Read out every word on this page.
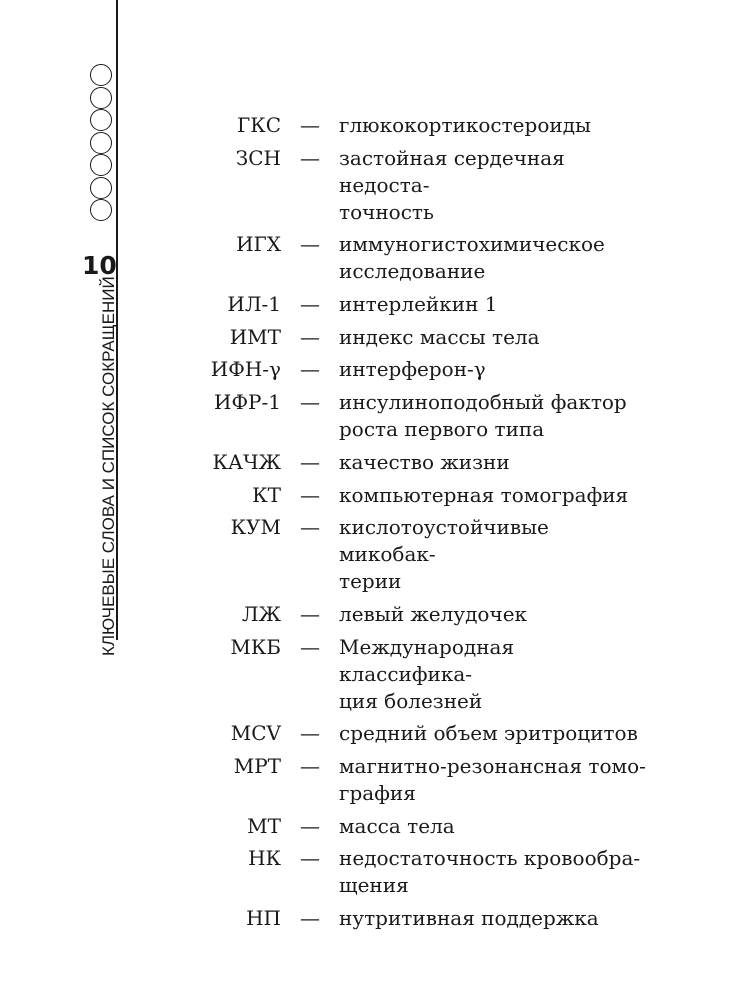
10
КЛЮЧЕВЫЕ СЛОВА И СПИСОК СОКРАЩЕНИЙ
ГКС — глюкокортикостероиды
ЗСН — застойная сердечная недоста-
точность
ИГХ — иммуногистохимическое
исследование
ИЛ-1 — интерлейкин 1
ИМТ — индекс массы тела
ИФН-γ — интерферон-γ
ИФР-1 — инсулиноподобный фактор
роста первого типа
КАЧЖ — качество жизни
КТ — компьютерная томография
КУМ — кислотоустойчивые микобак-
терии
ЛЖ — левый желудочек
МКБ — Международная классифика-
ция болезней
MCV — средний объем эритроцитов
МРТ — магнитно-резонансная томо-
графия
МТ — масса тела
НК — недостаточность кровообра-
щения
НП — нутритивная поддержка
